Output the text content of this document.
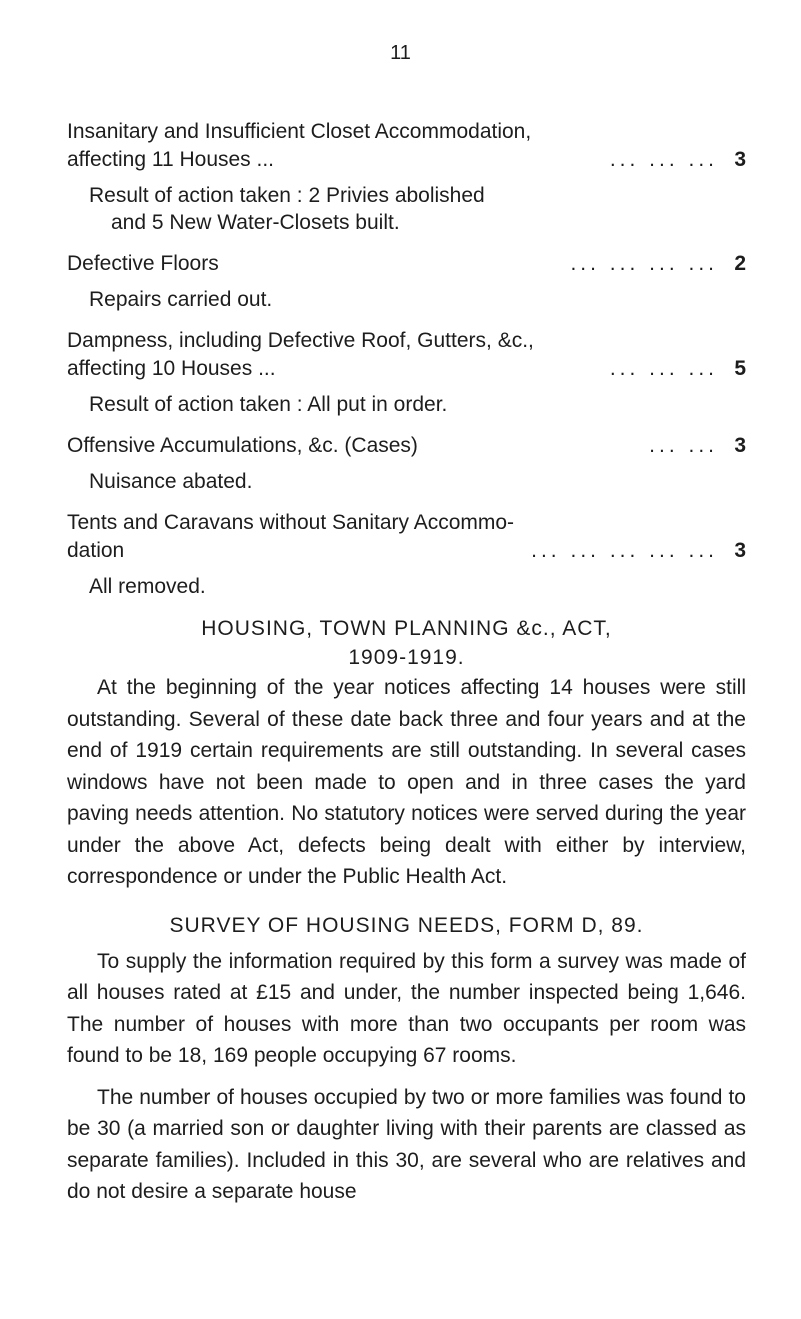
11
Insanitary and Insufficient Closet Accommodation,
affecting 11 Houses ...	... ... ... 3
Result of action taken : 2 Privies abolished
and 5 New Water-Closets built.
Defective Floors	... ... ... ... 2
Repairs carried out.
Dampness, including Defective Roof, Gutters, &c.,
affecting 10 Houses ...	... ... ... 5
Result of action taken : All put in order.
Offensive Accumulations, &c. (Cases)	... ... 3
Nuisance abated.
Tents and Caravans without Sanitary Accommo-
dation	... ... ... ... ... 3
All removed.
HOUSING, TOWN PLANNING &c., ACT,
1909-1919.

At the beginning of the year notices affecting 14 houses were still outstanding. Several of these date back three and four years and at the end of 1919 certain requirements are still outstanding. In several cases windows have not been made to open and in three cases the yard paving needs attention. No statutory notices were served during the year under the above Act, defects being dealt with either by interview, correspondence or under the Public Health Act.

SURVEY OF HOUSING NEEDS, FORM D, 89.

To supply the information required by this form a survey was made of all houses rated at £15 and under, the number inspected being 1,646. The number of houses with more than two occupants per room was found to be 18, 169 people occupying 67 rooms.

The number of houses occupied by two or more families was found to be 30 (a married son or daughter living with their parents are classed as separate families). Included in this 30, are several who are relatives and do not desire a separate house
